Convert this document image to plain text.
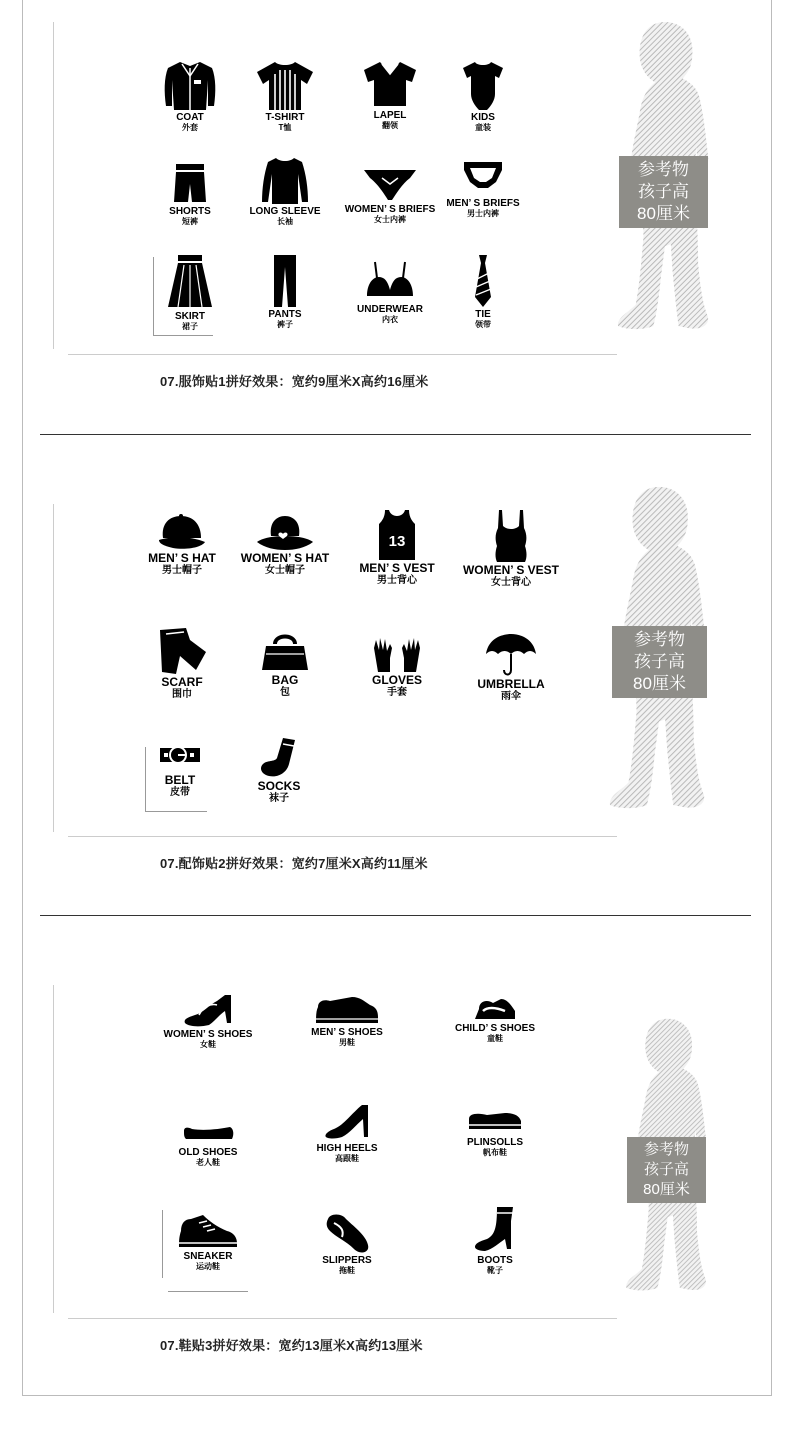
COAT
外套
T-SHIRT
T恤
LAPEL
翻领
KIDS
童装
SHORTS
短裤
LONG SLEEVE
长袖
WOMEN’ S BRIEFS
女士内裤
MEN’ S BRIEFS
男士内裤
SKIRT
裙子
PANTS
裤子
UNDERWEAR
内衣	TIE
领带
参考物
孩子高
80厘米
07.服饰贴1拼好效果：宽约9厘米X高约16厘米
MEN’ S HAT
男士帽子
WOMEN’ S HAT
女士帽子
13
MEN’ S VEST
男士背心
WOMEN’ S VEST
女士背心
SCARF
围巾
BAG
包
GLOVES
手套
UMBRELLA
雨伞
BELT
皮带	SOCKS
袜子
参考物
孩子高
80厘米
07.配饰贴2拼好效果：宽约7厘米X高约11厘米
WOMEN’ S SHOES
女鞋
MEN’ S SHOES
男鞋
CHILD’ S SHOES
童鞋
OLD SHOES
老人鞋
HIGH HEELS
高跟鞋
PLINSOLLS
帆布鞋
SNEAKER
运动鞋
SLIPPERS
拖鞋
BOOTS
靴子
参考物
孩子高
80厘米
07.鞋贴3拼好效果：宽约13厘米X高约13厘米
